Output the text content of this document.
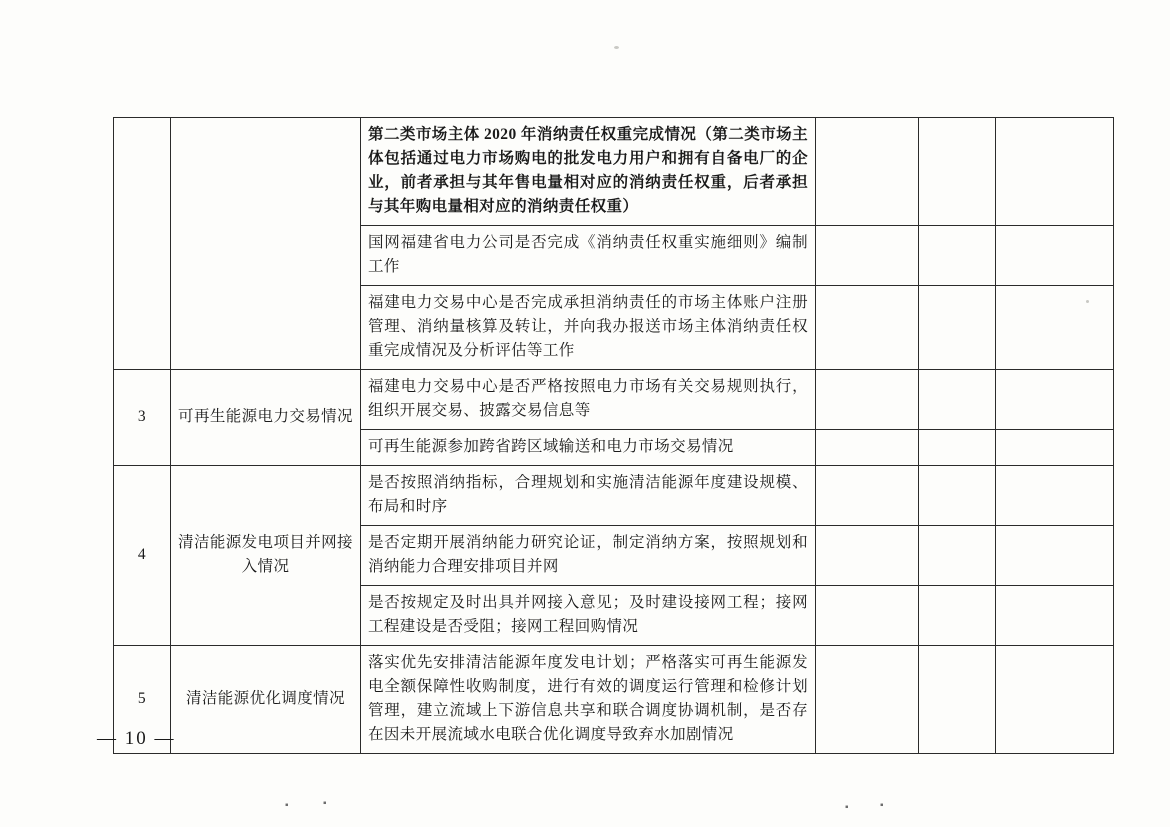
		第二类市场主体 2020 年消纳责任权重完成情况（第二类市场主体包括通过电力市场购电的批发电力用户和拥有自备电厂的企业，前者承担与其年售电量相对应的消纳责任权重，后者承担与其年购电量相对应的消纳责任权重）			
		国网福建省电力公司是否完成《消纳责任权重实施细则》编制工作			
		福建电力交易中心是否完成承担消纳责任的市场主体账户注册管理、消纳量核算及转让，并向我办报送市场主体消纳责任权重完成情况及分析评估等工作			
3	可再生能源电力交易情况	福建电力交易中心是否严格按照电力市场有关交易规则执行，组织开展交易、披露交易信息等			
		可再生能源参加跨省跨区域输送和电力市场交易情况			
4	清洁能源发电项目并网接入情况	是否按照消纳指标，合理规划和实施清洁能源年度建设规模、布局和时序			
		是否定期开展消纳能力研究论证，制定消纳方案，按照规划和消纳能力合理安排项目并网			
		是否按规定及时出具并网接入意见；及时建设接网工程；接网工程建设是否受阻；接网工程回购情况			
5	清洁能源优化调度情况	落实优先安排清洁能源年度发电计划；严格落实可再生能源发电全额保障性收购制度，进行有效的调度运行管理和检修计划管理，建立流域上下游信息共享和联合调度协调机制，是否存在因未开展流域水电联合优化调度导致弃水加剧情况			
— 10 —
▪	▪	▪	▪
